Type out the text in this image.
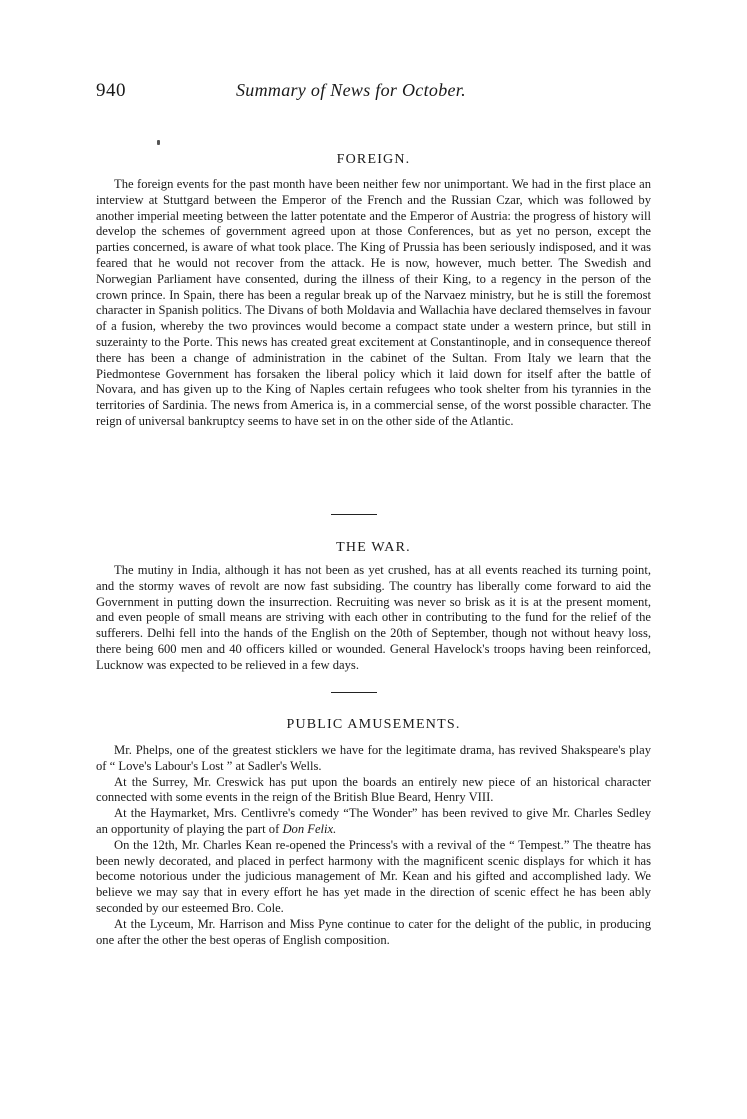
940	Summary of News for October.
FOREIGN.

The foreign events for the past month have been neither few nor unimportant. We had in the first place an interview at Stuttgard between the Emperor of the French and the Russian Czar, which was followed by another imperial meeting between the latter potentate and the Emperor of Austria: the progress of history will develop the schemes of government agreed upon at those Conferences, but as yet no person, except the parties concerned, is aware of what took place. The King of Prussia has been seriously indisposed, and it was feared that he would not recover from the attack. He is now, however, much better. The Swedish and Norwegian Parliament have consented, during the illness of their King, to a regency in the person of the crown prince. In Spain, there has been a regular break up of the Narvaez ministry, but he is still the foremost character in Spanish politics. The Divans of both Moldavia and Wallachia have declared themselves in favour of a fusion, whereby the two provinces would become a compact state under a western prince, but still in suzerainty to the Porte. This news has created great excitement at Constantinople, and in consequence thereof there has been a change of administration in the cabinet of the Sultan. From Italy we learn that the Piedmontese Government has forsaken the liberal policy which it laid down for itself after the battle of Novara, and has given up to the King of Naples certain refugees who took shelter from his tyrannies in the territories of Sardinia. The news from America is, in a commercial sense, of the worst possible character. The reign of universal bankruptcy seems to have set in on the other side of the Atlantic.

THE WAR.

The mutiny in India, although it has not been as yet crushed, has at all events reached its turning point, and the stormy waves of revolt are now fast subsiding. The country has liberally come forward to aid the Government in putting down the insurrection. Recruiting was never so brisk as it is at the present moment, and even people of small means are striving with each other in contributing to the fund for the relief of the sufferers. Delhi fell into the hands of the English on the 20th of September, though not without heavy loss, there being 600 men and 40 officers killed or wounded. General Havelock's troops having been reinforced, Lucknow was expected to be relieved in a few days.

PUBLIC AMUSEMENTS.

Mr. Phelps, one of the greatest sticklers we have for the legitimate drama, has revived Shakspeare's play of “ Love's Labour's Lost ” at Sadler's Wells.

At the Surrey, Mr. Creswick has put upon the boards an entirely new piece of an historical character connected with some events in the reign of the British Blue Beard, Henry VIII.

At the Haymarket, Mrs. Centlivre's comedy “The Wonder” has been revived to give Mr. Charles Sedley an opportunity of playing the part of Don Felix.

On the 12th, Mr. Charles Kean re-opened the Princess's with a revival of the “ Tempest.” The theatre has been newly decorated, and placed in perfect harmony with the magnificent scenic displays for which it has become notorious under the judicious management of Mr. Kean and his gifted and accomplished lady. We believe we may say that in every effort he has yet made in the direction of scenic effect he has been ably seconded by our esteemed Bro. Cole.

At the Lyceum, Mr. Harrison and Miss Pyne continue to cater for the delight of the public, in producing one after the other the best operas of English composition.
